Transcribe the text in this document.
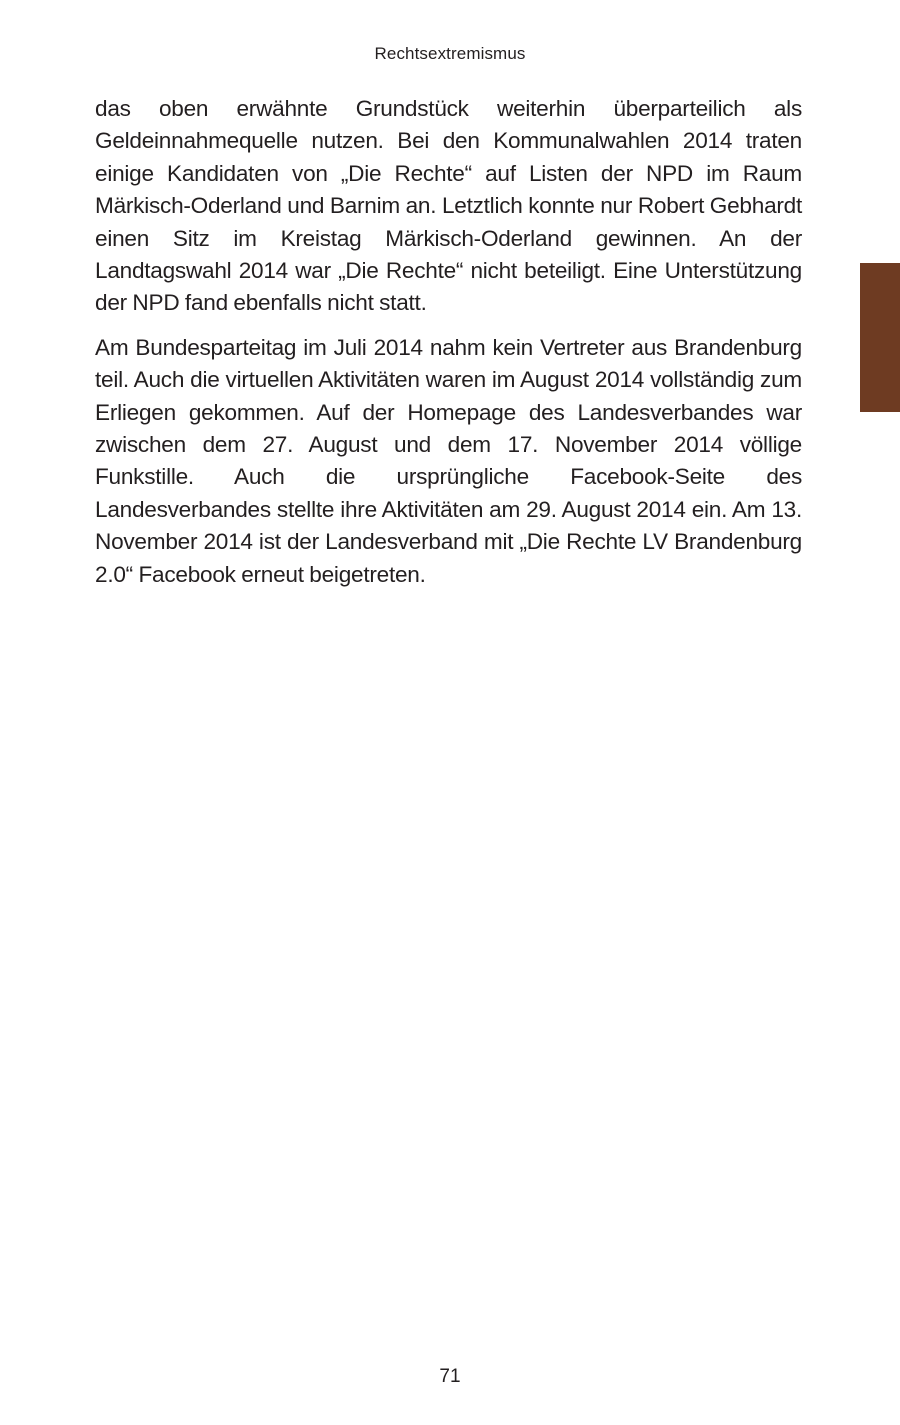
Rechtsextremismus

das oben erwähnte Grundstück weiterhin überparteilich als Geldeinnahmequelle nutzen. Bei den Kommunalwahlen 2014 traten einige Kandidaten von „Die Rechte“ auf Listen der NPD im Raum Märkisch-Oderland und Barnim an. Letztlich konnte nur Robert Gebhardt einen Sitz im Kreistag Märkisch-Oderland gewinnen. An der Landtagswahl 2014 war „Die Rechte“ nicht beteiligt. Eine Unterstützung der NPD fand ebenfalls nicht statt.

Am Bundesparteitag im Juli 2014 nahm kein Vertreter aus Brandenburg teil. Auch die virtuellen Aktivitäten waren im August 2014 vollständig zum Erliegen gekommen. Auf der Homepage des Landesverbandes war zwischen dem 27. August und dem 17. November 2014 völlige Funkstille. Auch die ursprüngliche Facebook-Seite des Landesverbandes stellte ihre Aktivitäten am 29. August 2014 ein. Am 13. November 2014 ist der Landesverband mit „Die Rechte LV Brandenburg 2.0“ Facebook erneut beigetreten.

71
